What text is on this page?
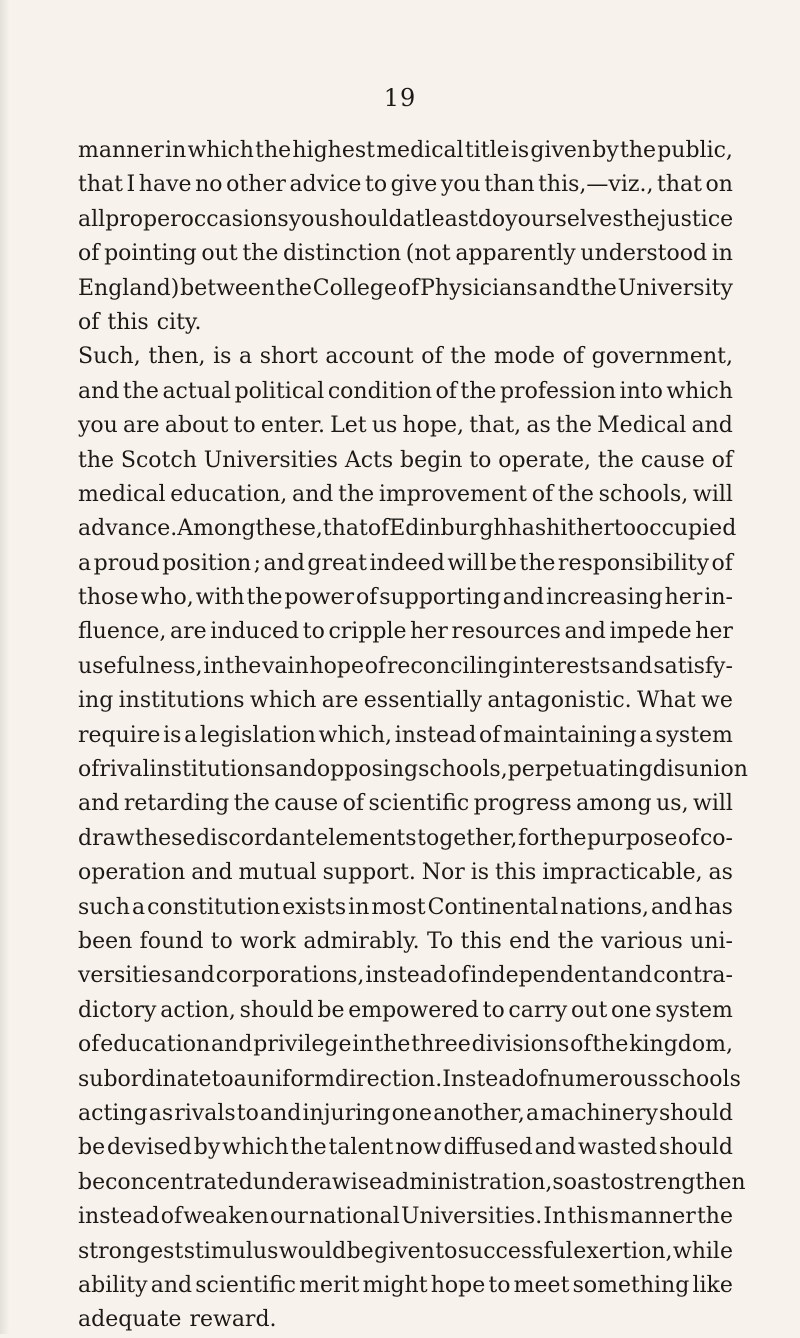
19
manner in which the highest medical title is given by the public,
that I have no other advice to give you than this,—viz., that on
all proper occasions you should at least do yourselves the justice
of pointing out the distinction (not apparently understood in
England) between the College of Physicians and the University
of this city.
Such, then, is a short account of the mode of government,
and the actual political condition of the profession into which
you are about to enter. Let us hope, that, as the Medical and
the Scotch Universities Acts begin to operate, the cause of
medical education, and the improvement of the schools, will
advance. Among these, that of Edinburgh has hitherto occupied
a proud position ; and great indeed will be the responsibility of
those who, with the power of supporting and increasing her in-
fluence, are induced to cripple her resources and impede her
usefulness, in the vain hope of reconciling interests and satisfy-
ing institutions which are essentially antagonistic. What we
require is a legislation which, instead of maintaining a system
of rival institutions and opposing schools, perpetuating disunion
and retarding the cause of scientific progress among us, will
draw these discordant elements together, for the purpose of co-
operation and mutual support. Nor is this impracticable, as
such a constitution exists in most Continental nations, and has
been found to work admirably. To this end the various uni-
versities and corporations, instead of independent and contra-
dictory action, should be empowered to carry out one system
of education and privilege in the three divisions of the kingdom,
subordinate to a uniform direction. Instead of numerous schools
acting as rivals to and injuring one another, a machinery should
be devised by which the talent now diffused and wasted should
be concentrated under a wise administration, so as to strengthen
instead of weaken our national Universities. In this manner the
strongest stimulus would be given to successful exertion, while
ability and scientific merit might hope to meet something like
adequate reward.
